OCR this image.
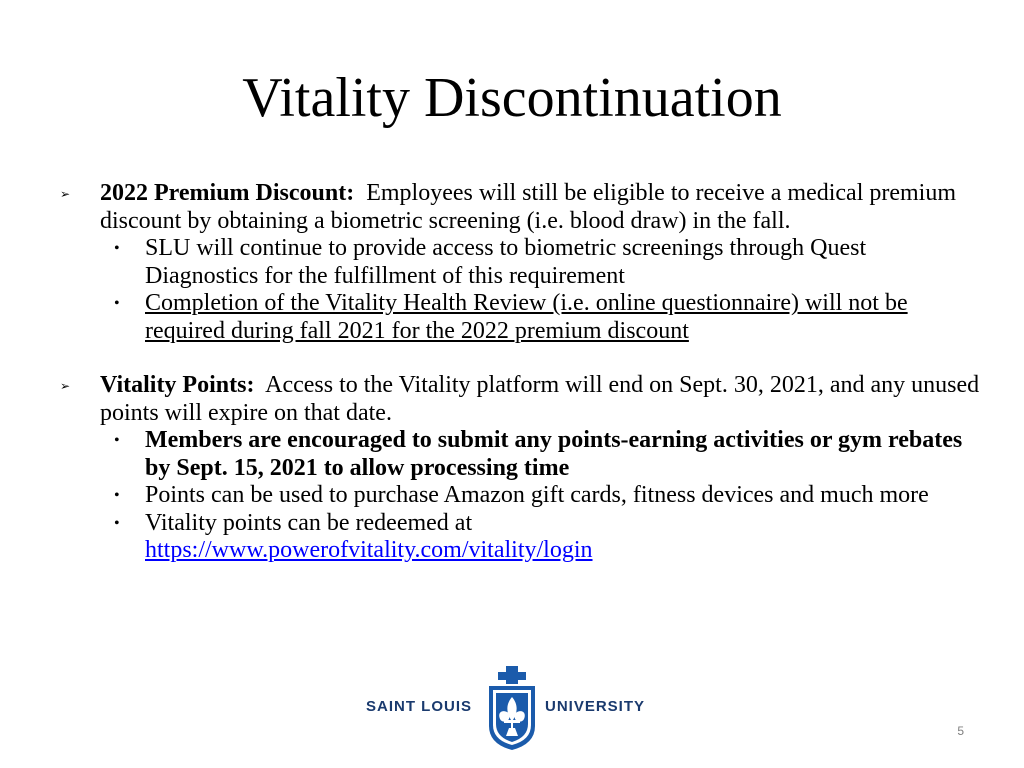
Vitality Discontinuation
➢ 2022 Premium Discount: Employees will still be eligible to receive a medical premium discount by obtaining a biometric screening (i.e. blood draw) in the fall.
• SLU will continue to provide access to biometric screenings through Quest Diagnostics for the fulfillment of this requirement
• Completion of the Vitality Health Review (i.e. online questionnaire) will not be required during fall 2021 for the 2022 premium discount
➢ Vitality Points: Access to the Vitality platform will end on Sept. 30, 2021, and any unused points will expire on that date.
• Members are encouraged to submit any points-earning activities or gym rebates by Sept. 15, 2021 to allow processing time
• Points can be used to purchase Amazon gift cards, fitness devices and much more
• Vitality points can be redeemed at
https://www.powerofvitality.com/vitality/login
SAINT LOUIS	UNIVERSITY
5
